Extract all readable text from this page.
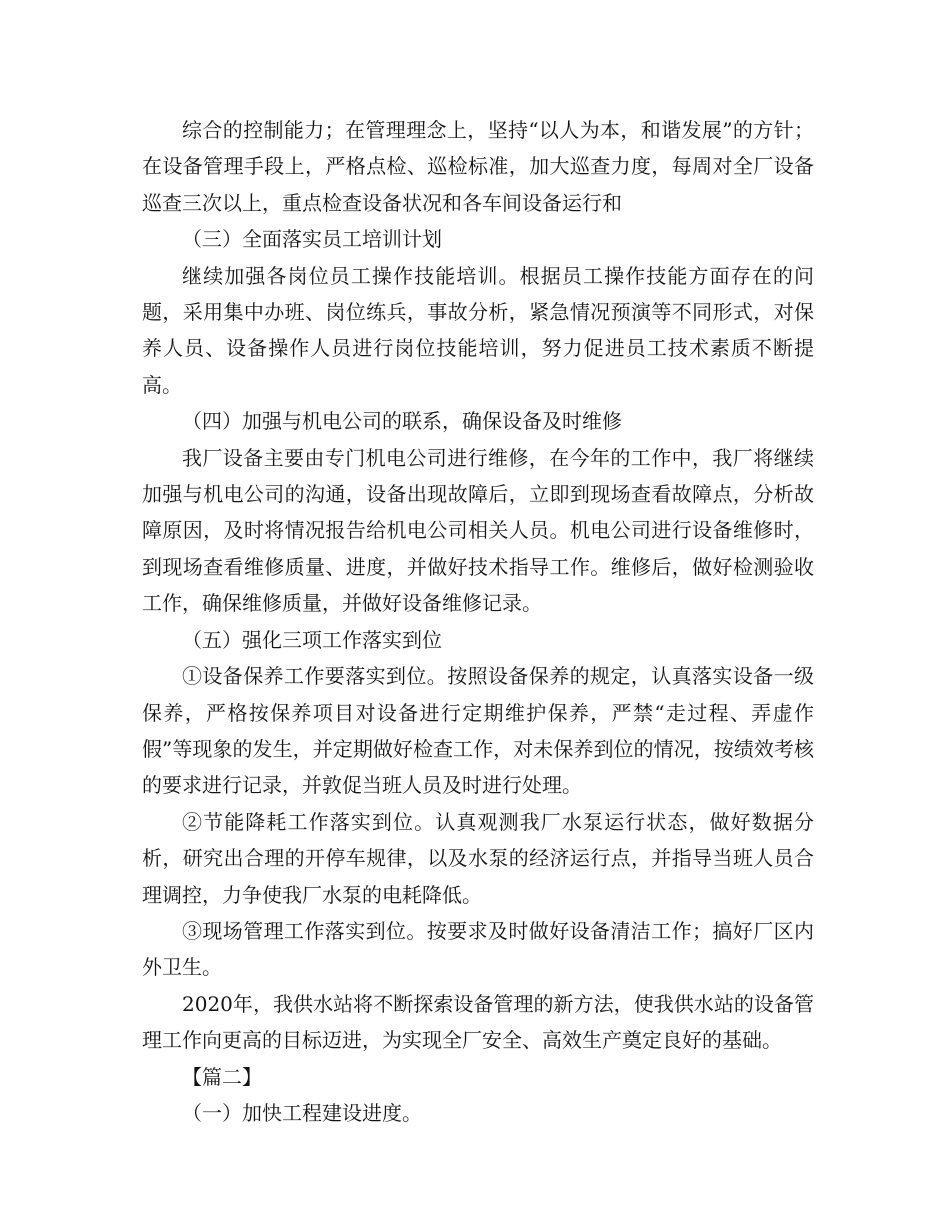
综合的控制能力；在管理理念上，坚持“以人为本，和谐发展”的方针；在设备管理手段上，严格点检、巡检标准，加大巡查力度，每周对全厂设备巡查三次以上，重点检查设备状况和各车间设备运行和

（三）全面落实员工培训计划

继续加强各岗位员工操作技能培训。根据员工操作技能方面存在的问题，采用集中办班、岗位练兵，事故分析，紧急情况预演等不同形式，对保养人员、设备操作人员进行岗位技能培训，努力促进员工技术素质不断提高。

（四）加强与机电公司的联系，确保设备及时维修

我厂设备主要由专门机电公司进行维修，在今年的工作中，我厂将继续加强与机电公司的沟通，设备出现故障后，立即到现场查看故障点，分析故障原因，及时将情况报告给机电公司相关人员。机电公司进行设备维修时，到现场查看维修质量、进度，并做好技术指导工作。维修后，做好检测验收工作，确保维修质量，并做好设备维修记录。

（五）强化三项工作落实到位

①设备保养工作要落实到位。按照设备保养的规定，认真落实设备一级保养，严格按保养项目对设备进行定期维护保养，严禁“走过程、弄虚作假”等现象的发生，并定期做好检查工作，对未保养到位的情况，按绩效考核的要求进行记录，并敦促当班人员及时进行处理。

②节能降耗工作落实到位。认真观测我厂水泵运行状态，做好数据分析，研究出合理的开停车规律，以及水泵的经济运行点，并指导当班人员合理调控，力争使我厂水泵的电耗降低。

③现场管理工作落实到位。按要求及时做好设备清洁工作；搞好厂区内外卫生。

2020年，我供水站将不断探索设备管理的新方法，使我供水站的设备管理工作向更高的目标迈进，为实现全厂安全、高效生产奠定良好的基础。

【篇二】

（一）加快工程建设进度。
